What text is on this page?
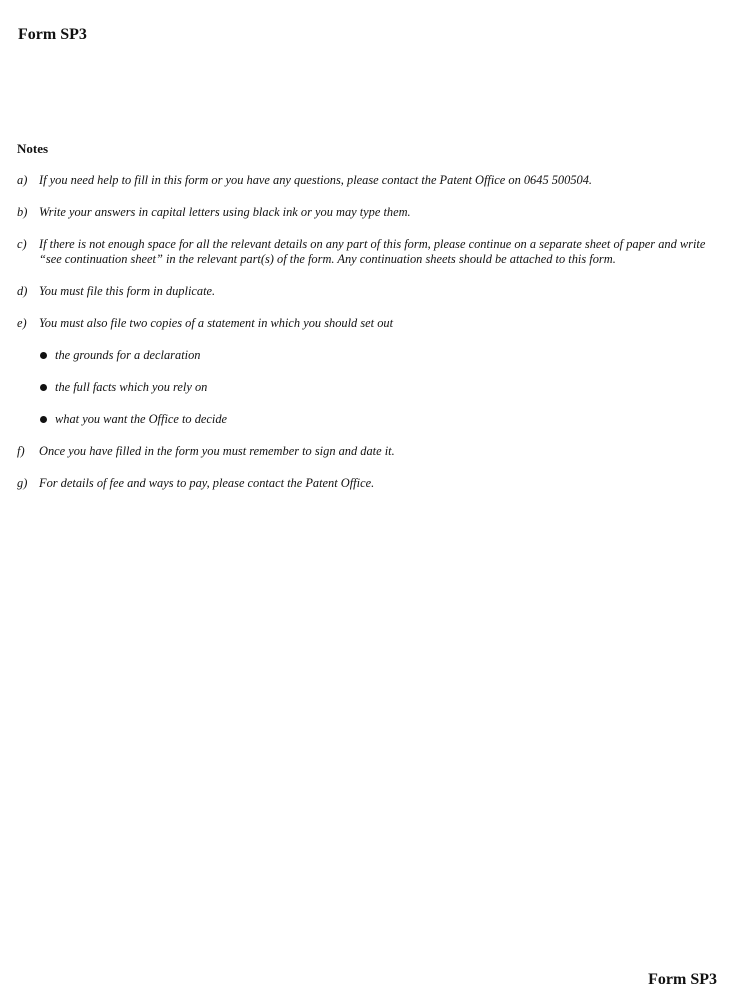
Form SP3
Notes
a) If you need help to fill in this form or you have any questions, please contact the Patent Office on 0645 500504.
b) Write your answers in capital letters using black ink or you may type them.
c) If there is not enough space for all the relevant details on any part of this form, please continue on a separate sheet of paper and write “see continuation sheet” in the relevant part(s) of the form. Any continuation sheets should be attached to this form.
d) You must file this form in duplicate.
e) You must also file two copies of a statement in which you should set out
the grounds for a declaration
the full facts which you rely on
what you want the Office to decide
f) Once you have filled in the form you must remember to sign and date it.
g) For details of fee and ways to pay, please contact the Patent Office.
Form SP3
